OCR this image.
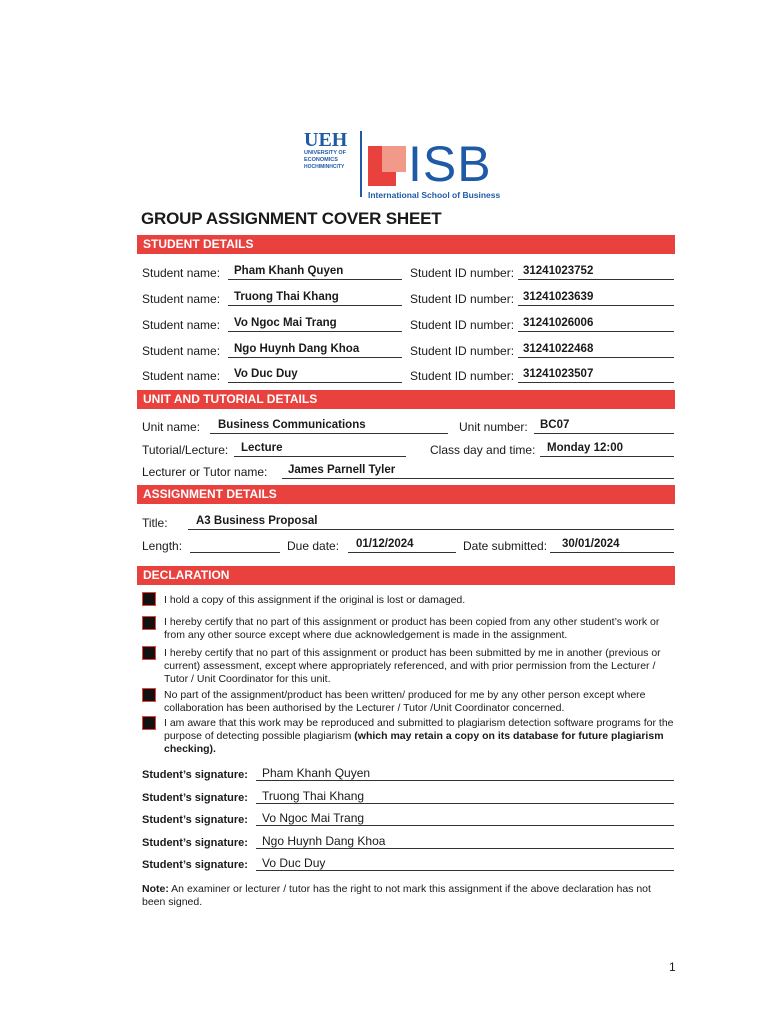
UEH
UNIVERSITY OF
ECONOMICS
HOCHIMINHCITY	ISB
International School of Business
GROUP ASSIGNMENT COVER SHEET
STUDENT DETAILS
Student name: Pham Khanh Quyen	Student ID number: 31241023752
Student name: Truong Thai Khang	Student ID number: 31241023639
Student name: Vo Ngoc Mai Trang	Student ID number: 31241026006
Student name: Ngo Huynh Dang Khoa	Student ID number: 31241022468
Student name: Vo Duc Duy	Student ID number: 31241023507
UNIT AND TUTORIAL DETAILS
Unit name: Business Communications	Unit number: BC07
Tutorial/Lecture: Lecture	Class day and time: Monday 12:00
Lecturer or Tutor name: James Parnell Tyler
ASSIGNMENT DETAILS
Title: A3 Business Proposal
Length:	Due date: 01/12/2024	Date submitted: 30/01/2024
DECLARATION
I hold a copy of this assignment if the original is lost or damaged.
I hereby certify that no part of this assignment or product has been copied from any other student’s work or from any other source except where due acknowledgement is made in the assignment.
I hereby certify that no part of this assignment or product has been submitted by me in another (previous or current) assessment, except where appropriately referenced, and with prior permission from the Lecturer / Tutor / Unit Coordinator for this unit.
No part of the assignment/product has been written/ produced for me by any other person except where collaboration has been authorised by the Lecturer / Tutor /Unit Coordinator concerned.
I am aware that this work may be reproduced and submitted to plagiarism detection software programs for the purpose of detecting possible plagiarism (which may retain a copy on its database for future plagiarism checking).
Student’s signature: Pham Khanh Quyen
Student’s signature: Truong Thai Khang
Student’s signature: Vo Ngoc Mai Trang
Student’s signature: Ngo Huynh Dang Khoa
Student’s signature: Vo Duc Duy
Note: An examiner or lecturer / tutor has the right to not mark this assignment if the above declaration has not been signed.
1
